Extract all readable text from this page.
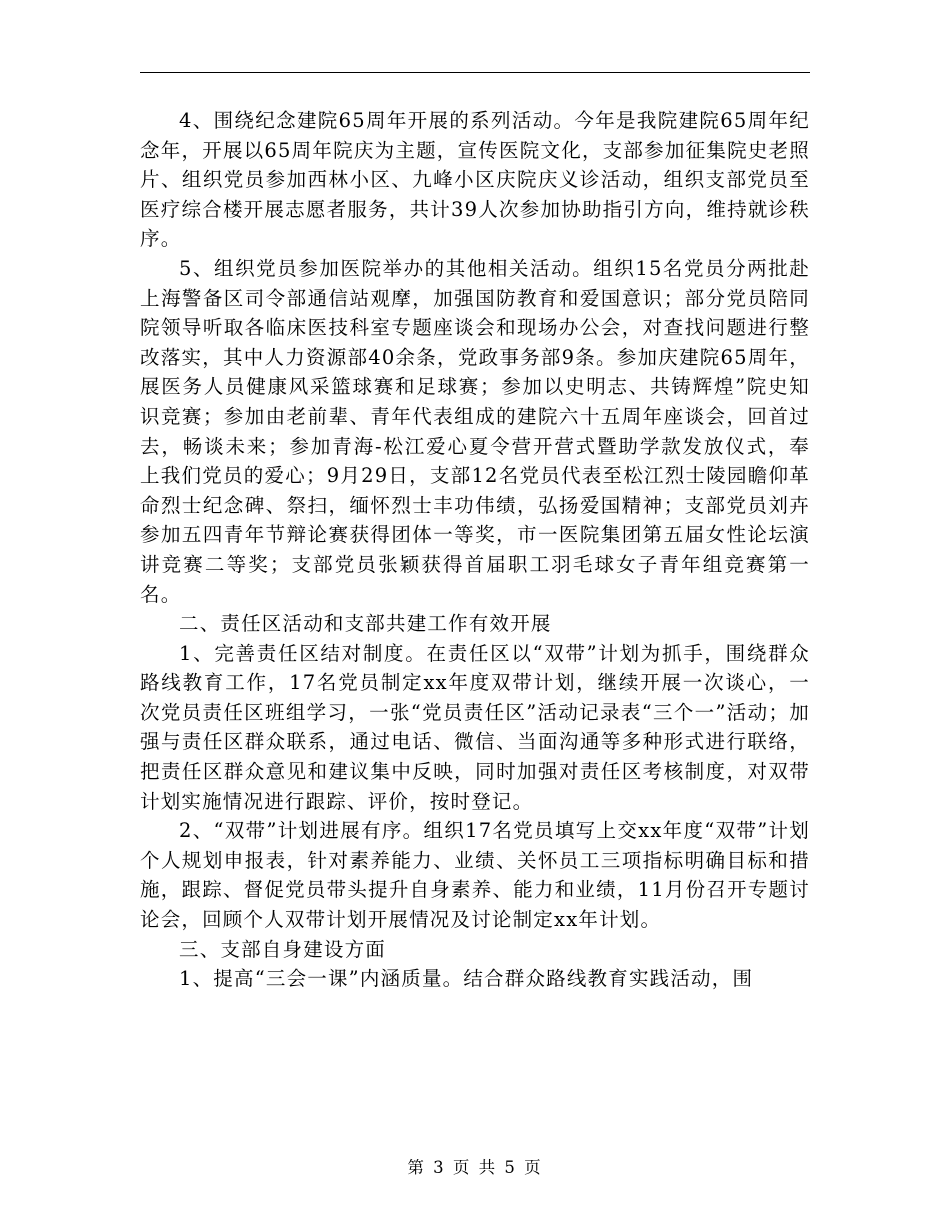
4、围绕纪念建院65周年开展的系列活动。今年是我院建院65周年纪念年，开展以65周年院庆为主题，宣传医院文化，支部参加征集院史老照片、组织党员参加西林小区、九峰小区庆院庆义诊活动，组织支部党员至医疗综合楼开展志愿者服务，共计39人次参加协助指引方向，维持就诊秩序。

5、组织党员参加医院举办的其他相关活动。组织15名党员分两批赴上海警备区司令部通信站观摩，加强国防教育和爱国意识；部分党员陪同院领导听取各临床医技科室专题座谈会和现场办公会，对查找问题进行整改落实，其中人力资源部40余条，党政事务部9条。参加庆建院65周年，展医务人员健康风采篮球赛和足球赛；参加以史明志、共铸辉煌”院史知识竞赛；参加由老前辈、青年代表组成的建院六十五周年座谈会，回首过去，畅谈未来；参加青海-松江爱心夏令营开营式暨助学款发放仪式，奉上我们党员的爱心；9月29日，支部12名党员代表至松江烈士陵园瞻仰革命烈士纪念碑、祭扫，缅怀烈士丰功伟绩，弘扬爱国精神；支部党员刘卉参加五四青年节辩论赛获得团体一等奖，市一医院集团第五届女性论坛演讲竞赛二等奖；支部党员张颖获得首届职工羽毛球女子青年组竞赛第一名。

二、责任区活动和支部共建工作有效开展

1、完善责任区结对制度。在责任区以“双带”计划为抓手，围绕群众路线教育工作，17名党员制定xx年度双带计划，继续开展一次谈心，一次党员责任区班组学习，一张“党员责任区”活动记录表“三个一”活动；加强与责任区群众联系，通过电话、微信、当面沟通等多种形式进行联络，把责任区群众意见和建议集中反映，同时加强对责任区考核制度，对双带计划实施情况进行跟踪、评价，按时登记。

2、“双带”计划进展有序。组织17名党员填写上交xx年度“双带”计划个人规划申报表，针对素养能力、业绩、关怀员工三项指标明确目标和措施，跟踪、督促党员带头提升自身素养、能力和业绩，11月份召开专题讨论会，回顾个人双带计划开展情况及讨论制定xx年计划。

三、支部自身建设方面

1、提高“三会一课”内涵质量。结合群众路线教育实践活动，围

第 3 页 共 5 页
